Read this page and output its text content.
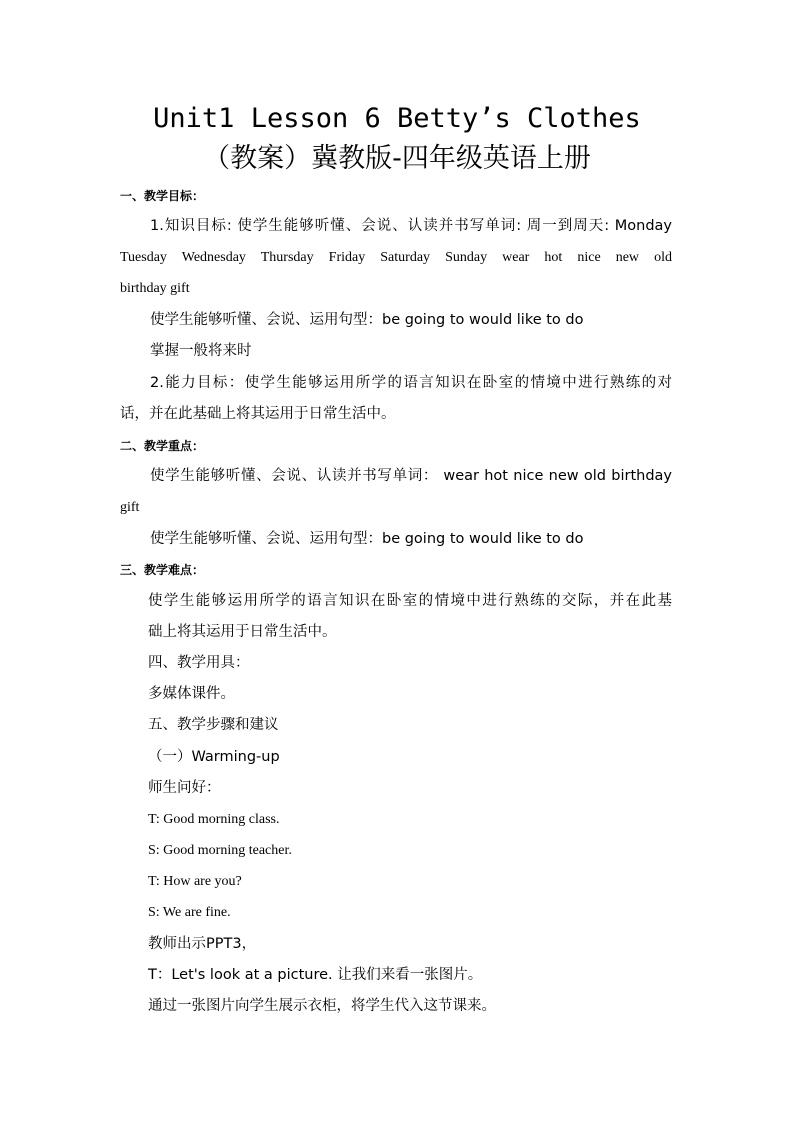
Unit1 Lesson 6 Betty’s Clothes
（教案）冀教版-四年级英语上册
一、教学目标：
1.知识目标: 使学生能够听懂、会说、认读并书写单词: 周一到周天: Monday
Tuesday Wednesday Thursday Friday Saturday Sunday wear hot nice new old
birthday gift
使学生能够听懂、会说、运用句型：be going to would like to do
掌握一般将来时
2.能力目标：使学生能够运用所学的语言知识在卧室的情境中进行熟练的对
话，并在此基础上将其运用于日常生活中。
二、教学重点：
使学生能够听懂、会说、认读并书写单词： wear hot nice new old birthday
gift
使学生能够听懂、会说、运用句型：be going to would like to do
三、教学难点：
使学生能够运用所学的语言知识在卧室的情境中进行熟练的交际，并在此基
础上将其运用于日常生活中。
四、教学用具：
多媒体课件。
五、教学步骤和建议
（一）Warming-up
师生问好：
T: Good morning class.
S: Good morning teacher.
T: How are you?
S: We are fine.
教师出示PPT3，
T：Let's look at a picture. 让我们来看一张图片。
通过一张图片向学生展示衣柜，将学生代入这节课来。
